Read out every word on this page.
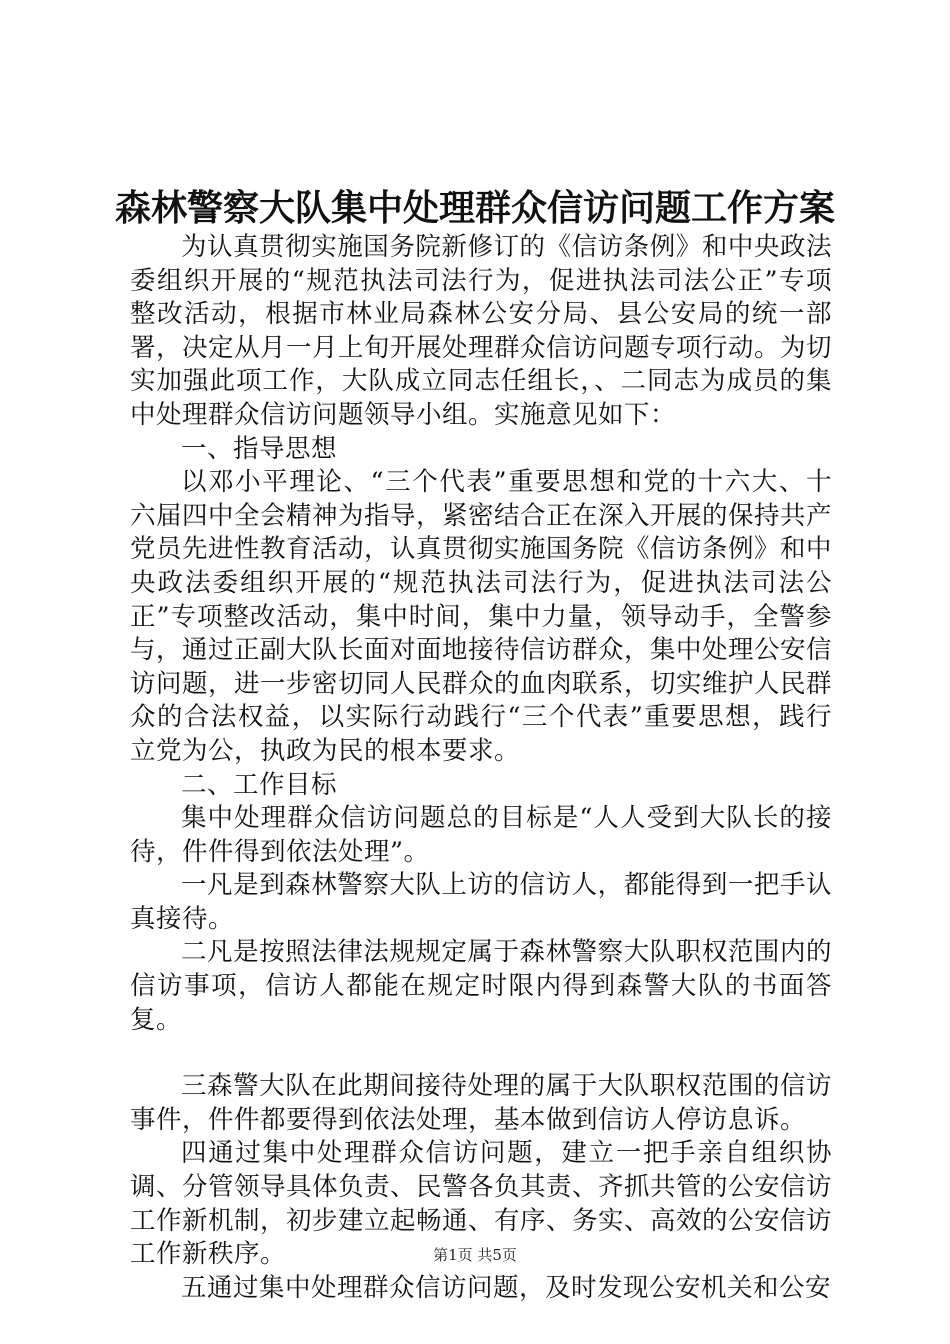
森林警察大队集中处理群众信访问题工作方案

为认真贯彻实施国务院新修订的《信访条例》和中央政法委组织开展的“规范执法司法行为，促进执法司法公正”专项整改活动，根据市林业局森林公安分局、县公安局的统一部署，决定从月一月上旬开展处理群众信访问题专项行动。为切实加强此项工作，大队成立同志任组长，、二同志为成员的集中处理群众信访问题领导小组。实施意见如下：

一、指导思想

以邓小平理论、“三个代表”重要思想和党的十六大、十六届四中全会精神为指导，紧密结合正在深入开展的保持共产党员先进性教育活动，认真贯彻实施国务院《信访条例》和中央政法委组织开展的“规范执法司法行为，促进执法司法公正”专项整改活动，集中时间，集中力量，领导动手，全警参与，通过正副大队长面对面地接待信访群众，集中处理公安信访问题，进一步密切同人民群众的血肉联系，切实维护人民群众的合法权益，以实际行动践行“三个代表”重要思想，践行立党为公，执政为民的根本要求。

二、工作目标

集中处理群众信访问题总的目标是“人人受到大队长的接待，件件得到依法处理”。

一凡是到森林警察大队上访的信访人，都能得到一把手认真接待。

二凡是按照法律法规规定属于森林警察大队职权范围内的信访事项，信访人都能在规定时限内得到森警大队的书面答复。

三森警大队在此期间接待处理的属于大队职权范围的信访事件，件件都要得到依法处理，基本做到信访人停访息诉。

四通过集中处理群众信访问题，建立一把手亲自组织协调、分管领导具体负责、民警各负其责、齐抓共管的公安信访工作新机制，初步建立起畅通、有序、务实、高效的公安信访工作新秩序。

五通过集中处理群众信访问题，及时发现公安机关和公安

第1页 共5页
